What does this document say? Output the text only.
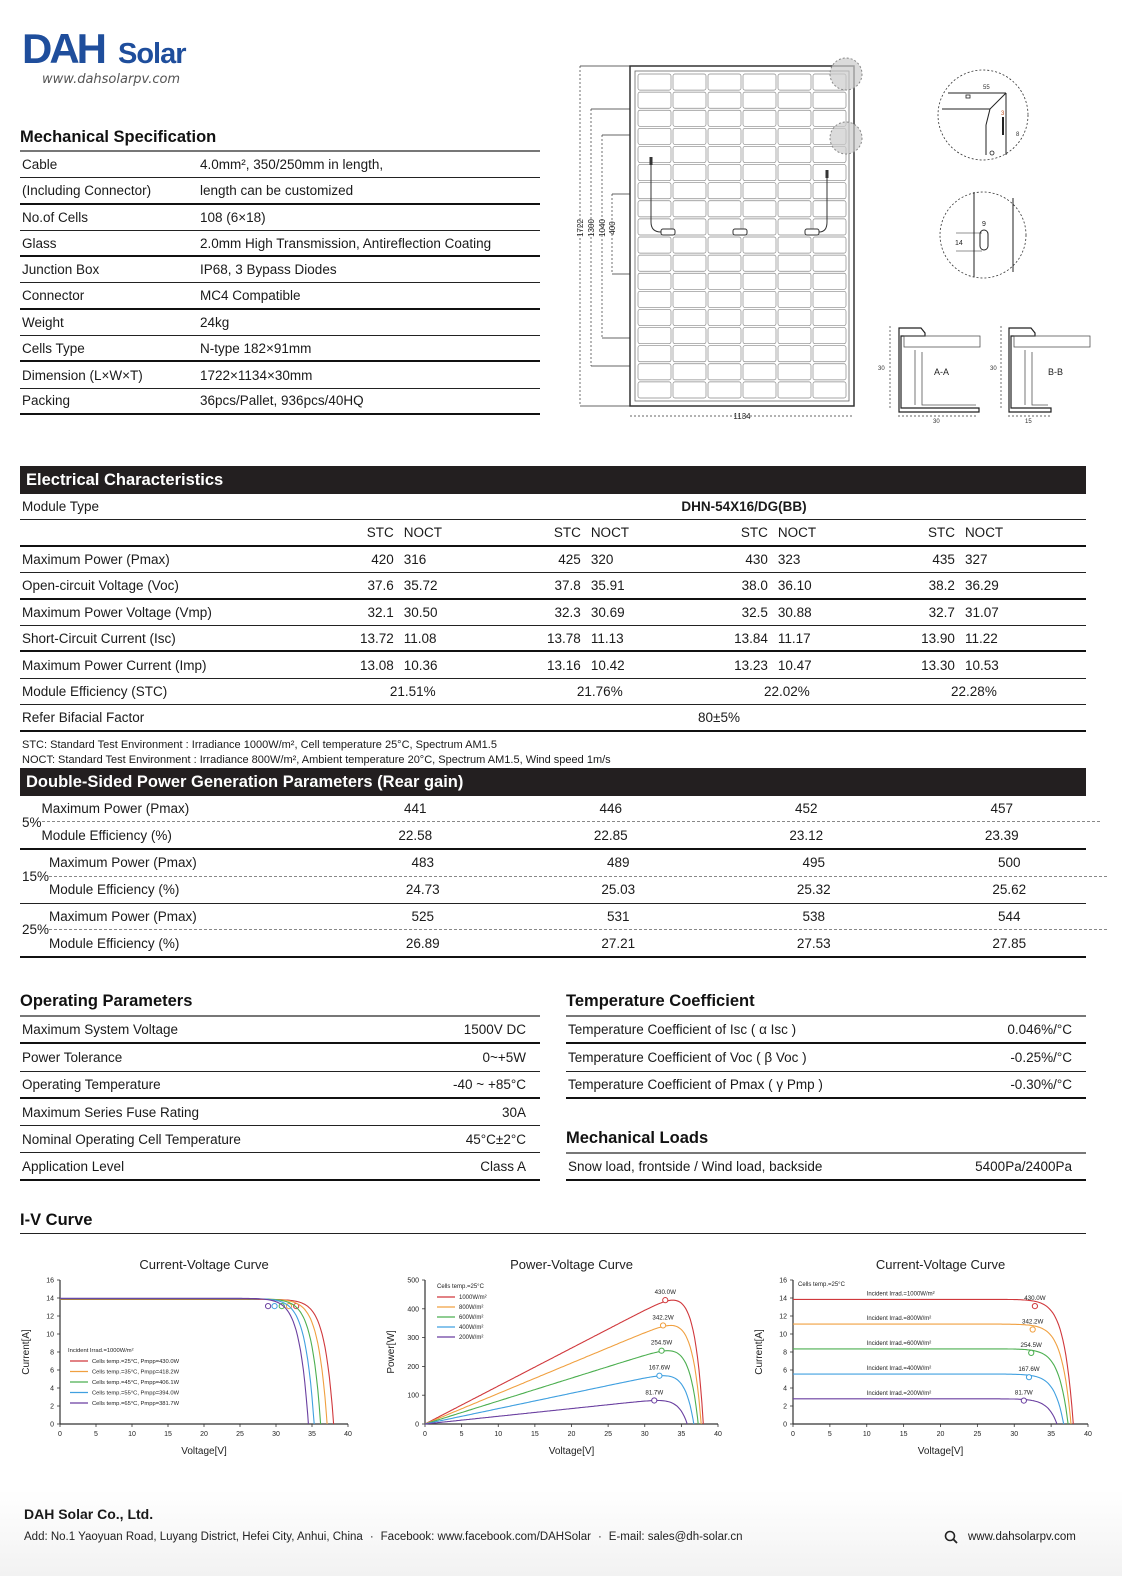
DAH Solar
www.dahsolarpv.com
Mechanical Specification
Cable	4.0mm², 350/250mm in length,
(Including Connector)	length can be customized
No.of Cells	108 (6×18)
Glass	2.0mm High Transmission, Antireflection Coating
Junction Box	IP68, 3 Bypass Diodes
Connector	MC4 Compatible
Weight	24kg
Cells Type	N-type 182×91mm
Dimension (L×W×T)	1722×1134×30mm
Packing	36pcs/Pallet, 936pcs/40HQ
1722 1300 1040 400
1134
55
3
8
9
14
30
30
A-A	30
15
B-B
Electrical Characteristics
Module Type	DHN-54X16/DG(BB)
STC NOCT	STC NOCT	STC NOCT	STC NOCT
Maximum Power (Pmax)	420 316	425 320	430 323	435 327
Open-circuit Voltage (Voc)	37.6 35.72	37.8 35.91	38.0 36.10	38.2 36.29
Maximum Power Voltage (Vmp)	32.1 30.50	32.3 30.69	32.5 30.88	32.7 31.07
Short-Circuit Current (Isc)	13.72 11.08	13.78 11.13	13.84 11.17	13.90 11.22
Maximum Power Current (Imp)	13.08 10.36	13.16 10.42	13.23 10.47	13.30 10.53
Module Efficiency (STC)	21.51%	21.76%	22.02%	22.28%
Refer Bifacial Factor	80±5%
STC: Standard Test Environment : Irradiance 1000W/m², Cell temperature 25°C, Spectrum AM1.5
NOCT: Standard Test Environment : Irradiance 800W/m², Ambient temperature 20°C, Spectrum AM1.5, Wind speed 1m/s
Double-Sided Power Generation Parameters (Rear gain)
5%
Maximum Power (Pmax)	441	446	452	457
Module Efficiency (%)	22.58	22.85	23.12	23.39
15%
Maximum Power (Pmax)	483	489	495	500
Module Efficiency (%)	24.73	25.03	25.32	25.62
25%
Maximum Power (Pmax)	525	531	538	544
Module Efficiency (%)	26.89	27.21	27.53	27.85
Operating Parameters
Maximum System Voltage	1500V DC
Power Tolerance	0~+5W
Operating Temperature	-40 ~ +85°C
Maximum Series Fuse Rating	30A
Nominal Operating Cell Temperature	45°C±2°C
Application Level	Class A
Temperature Coefficient
Temperature Coefficient of Isc ( α Isc )	0.046%/°C
Temperature Coefficient of Voc ( β Voc )	-0.25%/°C
Temperature Coefficient of Pmax ( γ Pmp )	-0.30%/°C
Mechanical Loads
Snow load, frontside / Wind load, backside	5400Pa/2400Pa
I-V Curve
Current-Voltage Curve
0	5	10	15	20	25	30	35	40
0
2
4
6
8
10
12
14
16
Voltage[V]
Current[A]	Incident Irrad.=1000W/m²
Cells temp.=25°C, Pmpp=430.0W
Cells temp.=35°C, Pmpp=418.2W
Cells temp.=45°C, Pmpp=406.1W
Cells temp.=55°C, Pmpp=394.0W
Cells temp.=65°C, Pmpp=381.7W
Power-Voltage Curve
0	5	10	15	20	25	30	35	40
0
100
200
300
400
500
Voltage[V]
Power[W]
430.0W
342.2W
254.5W
167.6W
81.7W
Cells temp.=25°C
1000W/m²
800W/m²
600W/m²
400W/m²
200W/m²
Current-Voltage Curve
0	5	10	15	20	25	30	35	40
0
2
4
6
8
10
12
14
16
Voltage[V]
Current[A]
430.0W
342.2W
254.5W
167.6W
81.7W
Cells temp.=25°C
Incident Irrad.=1000W/m²
Incident Irrad.=800W/m²
Incident Irrad.=600W/m²
Incident Irrad.=400W/m²
Incident Irrad.=200W/m²
DAH Solar Co., Ltd.
Add: No.1 Yaoyuan Road, Luyang District, Hefei City, Anhui, China · Facebook: www.facebook.com/DAHSolar · E-mail: sales@dh-solar.cn	www.dahsolarpv.com
